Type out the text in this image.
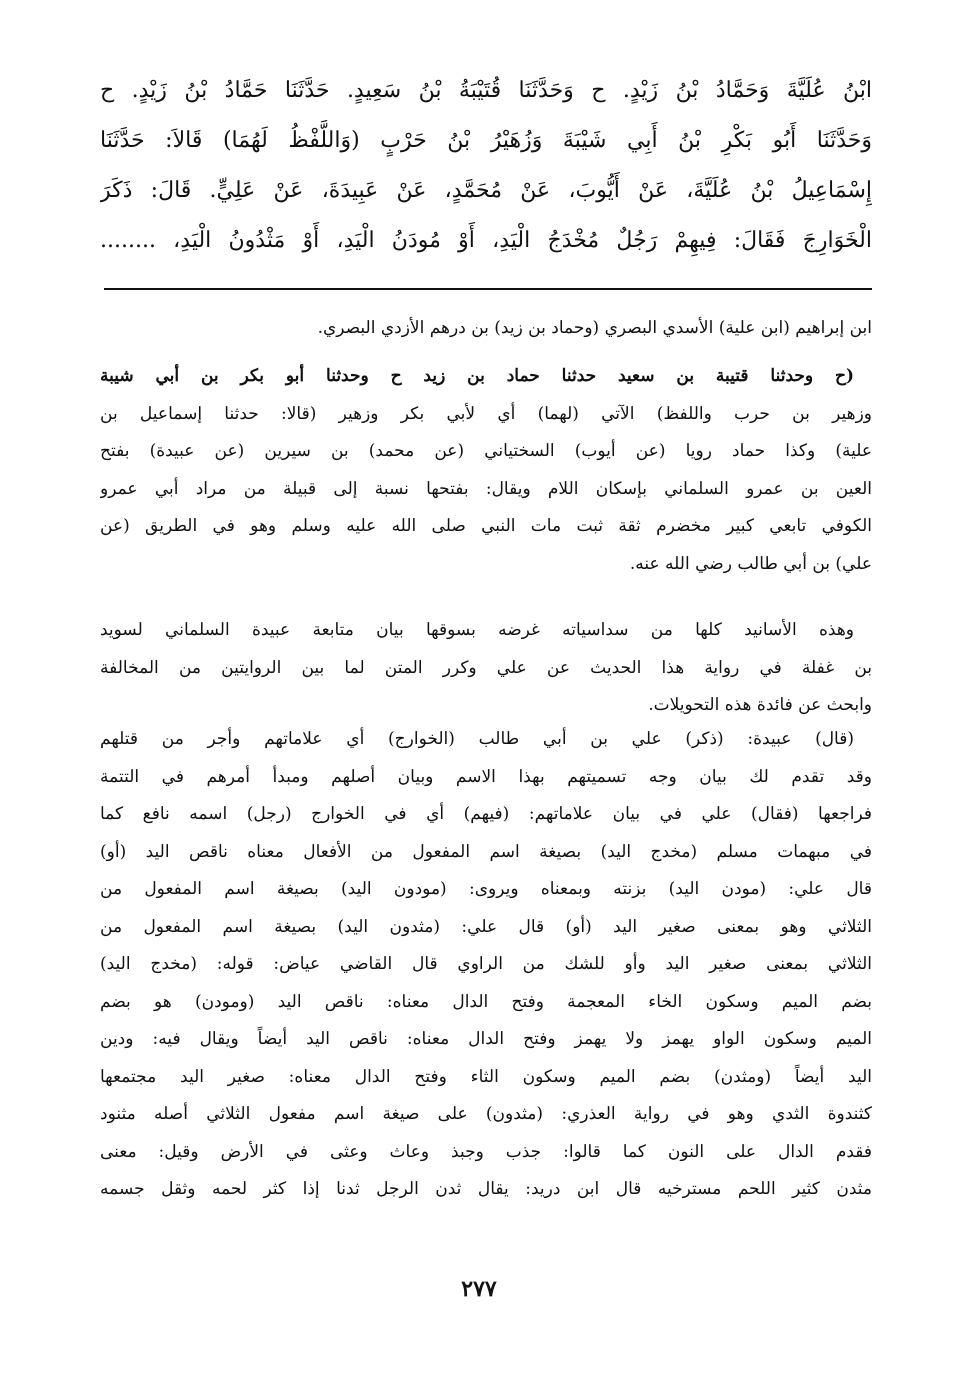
ابْنُ عُلَيَّةَ وَحَمَّادُ بْنُ زَيْدٍ. ح وَحَدَّثَنَا قُتَيْبَةُ بْنُ سَعِيدٍ. حَدَّثَنَا حَمَّادُ بْنُ زَيْدٍ. ح
وَحَدَّثَنَا أَبُو بَكْرِ بْنُ أَبِي شَيْبَةَ وَزُهَيْرُ بْنُ حَرْبٍ (وَاللَّفْظُ لَهُمَا) قَالاَ: حَدَّثَنَا
إِسْمَاعِيلُ بْنُ عُلَيَّةَ، عَنْ أَيُّوبَ، عَنْ مُحَمَّدٍ، عَنْ عَبِيدَةَ، عَنْ عَلِيٍّ. قَالَ: ذَكَرَ
الْخَوَارِجَ فَقَالَ: فِيهِمْ رَجُلٌ مُخْدَجُ الْيَدِ، أَوْ مُودَنُ الْيَدِ، أَوْ مَثْدُونُ الْيَدِ، ........
ابن إبراهيم (ابن علية) الأسدي البصري (وحماد بن زيد) بن درهم الأزدي البصري.
(ح وحدثنا قتيبة بن سعيد حدثنا حماد بن زيد ح وحدثنا أبو بكر بن أبي شيبة
وزهير بن حرب واللفظ) الآتي (لهما) أي لأبي بكر وزهير (قالا: حدثنا إسماعيل بن
علية) وكذا حماد رويا (عن أيوب) السختياني (عن محمد) بن سيرين (عن عبيدة) بفتح
العين بن عمرو السلماني بإسكان اللام ويقال: بفتحها نسبة إلى قبيلة من مراد أبي عمرو
الكوفي تابعي كبير مخضرم ثقة ثبت مات النبي صلى الله عليه وسلم وهو في الطريق (عن
علي) بن أبي طالب رضي الله عنه.
وهذه الأسانيد كلها من سداسياته غرضه بسوقها بيان متابعة عبيدة السلماني لسويد
بن غفلة في رواية هذا الحديث عن علي وكرر المتن لما بين الروايتين من المخالفة
وابحث عن فائدة هذه التحويلات.
(قال) عبيدة: (ذكر) علي بن أبي طالب (الخوارج) أي علاماتهم وأجر من قتلهم
وقد تقدم لك بيان وجه تسميتهم بهذا الاسم وبيان أصلهم ومبدأ أمرهم في التتمة
فراجعها (فقال) علي في بيان علاماتهم: (فيهم) أي في الخوارج (رجل) اسمه نافع كما
في مبهمات مسلم (مخدج اليد) بصيغة اسم المفعول من الأفعال معناه ناقص اليد (أو)
قال علي: (مودن اليد) بزنته وبمعناه ويروى: (مودون اليد) بصيغة اسم المفعول من
الثلاثي وهو بمعنى صغير اليد (أو) قال علي: (مثدون اليد) بصيغة اسم المفعول من
الثلاثي بمعنى صغير اليد وأو للشك من الراوي قال القاضي عياض: قوله: (مخدج اليد)
بضم الميم وسكون الخاء المعجمة وفتح الدال معناه: ناقص اليد (ومودن) هو بضم
الميم وسكون الواو يهمز ولا يهمز وفتح الدال معناه: ناقص اليد أيضاً ويقال فيه: ودين
اليد أيضاً (ومثدن) بضم الميم وسكون الثاء وفتح الدال معناه: صغير اليد مجتمعها
كثندوة الثدي وهو في رواية العذري: (مثدون) على صيغة اسم مفعول الثلاثي أصله مثنود
فقدم الدال على النون كما قالوا: جذب وجبذ وعاث وعثى في الأرض وقيل: معنى
مثدن كثير اللحم مسترخيه قال ابن دريد: يقال ثدن الرجل ثدنا إذا كثر لحمه وثقل جسمه
٢٧٧
